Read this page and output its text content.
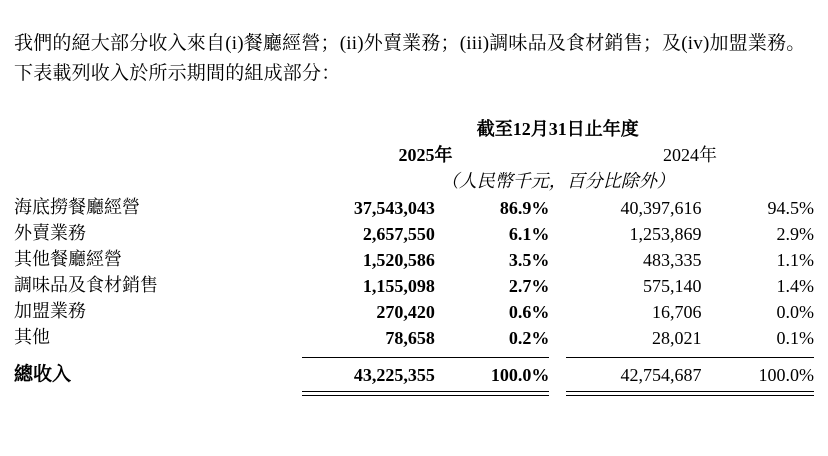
我們的絕大部分收入來自(i)餐廳經營；(ii)外賣業務；(iii)調味品及食材銷售；及(iv)加盟業務。下表載列收入於所示期間的組成部分：

	截至12月31日止年度				
	2025年			2024年	
	（人民幣千元，百分比除外）				
海底撈餐廳經營	37,543,043	86.9%		40,397,616	94.5%
外賣業務	2,657,550	6.1%		1,253,869	2.9%
其他餐廳經營	1,520,586	3.5%		483,335	1.1%
調味品及食材銷售	1,155,098	2.7%		575,140	1.4%
加盟業務	270,420	0.6%		16,706	0.0%
其他	78,658	0.2%		28,021	0.1%

總收入	43,225,355	100.0%		42,754,687	100.0%
